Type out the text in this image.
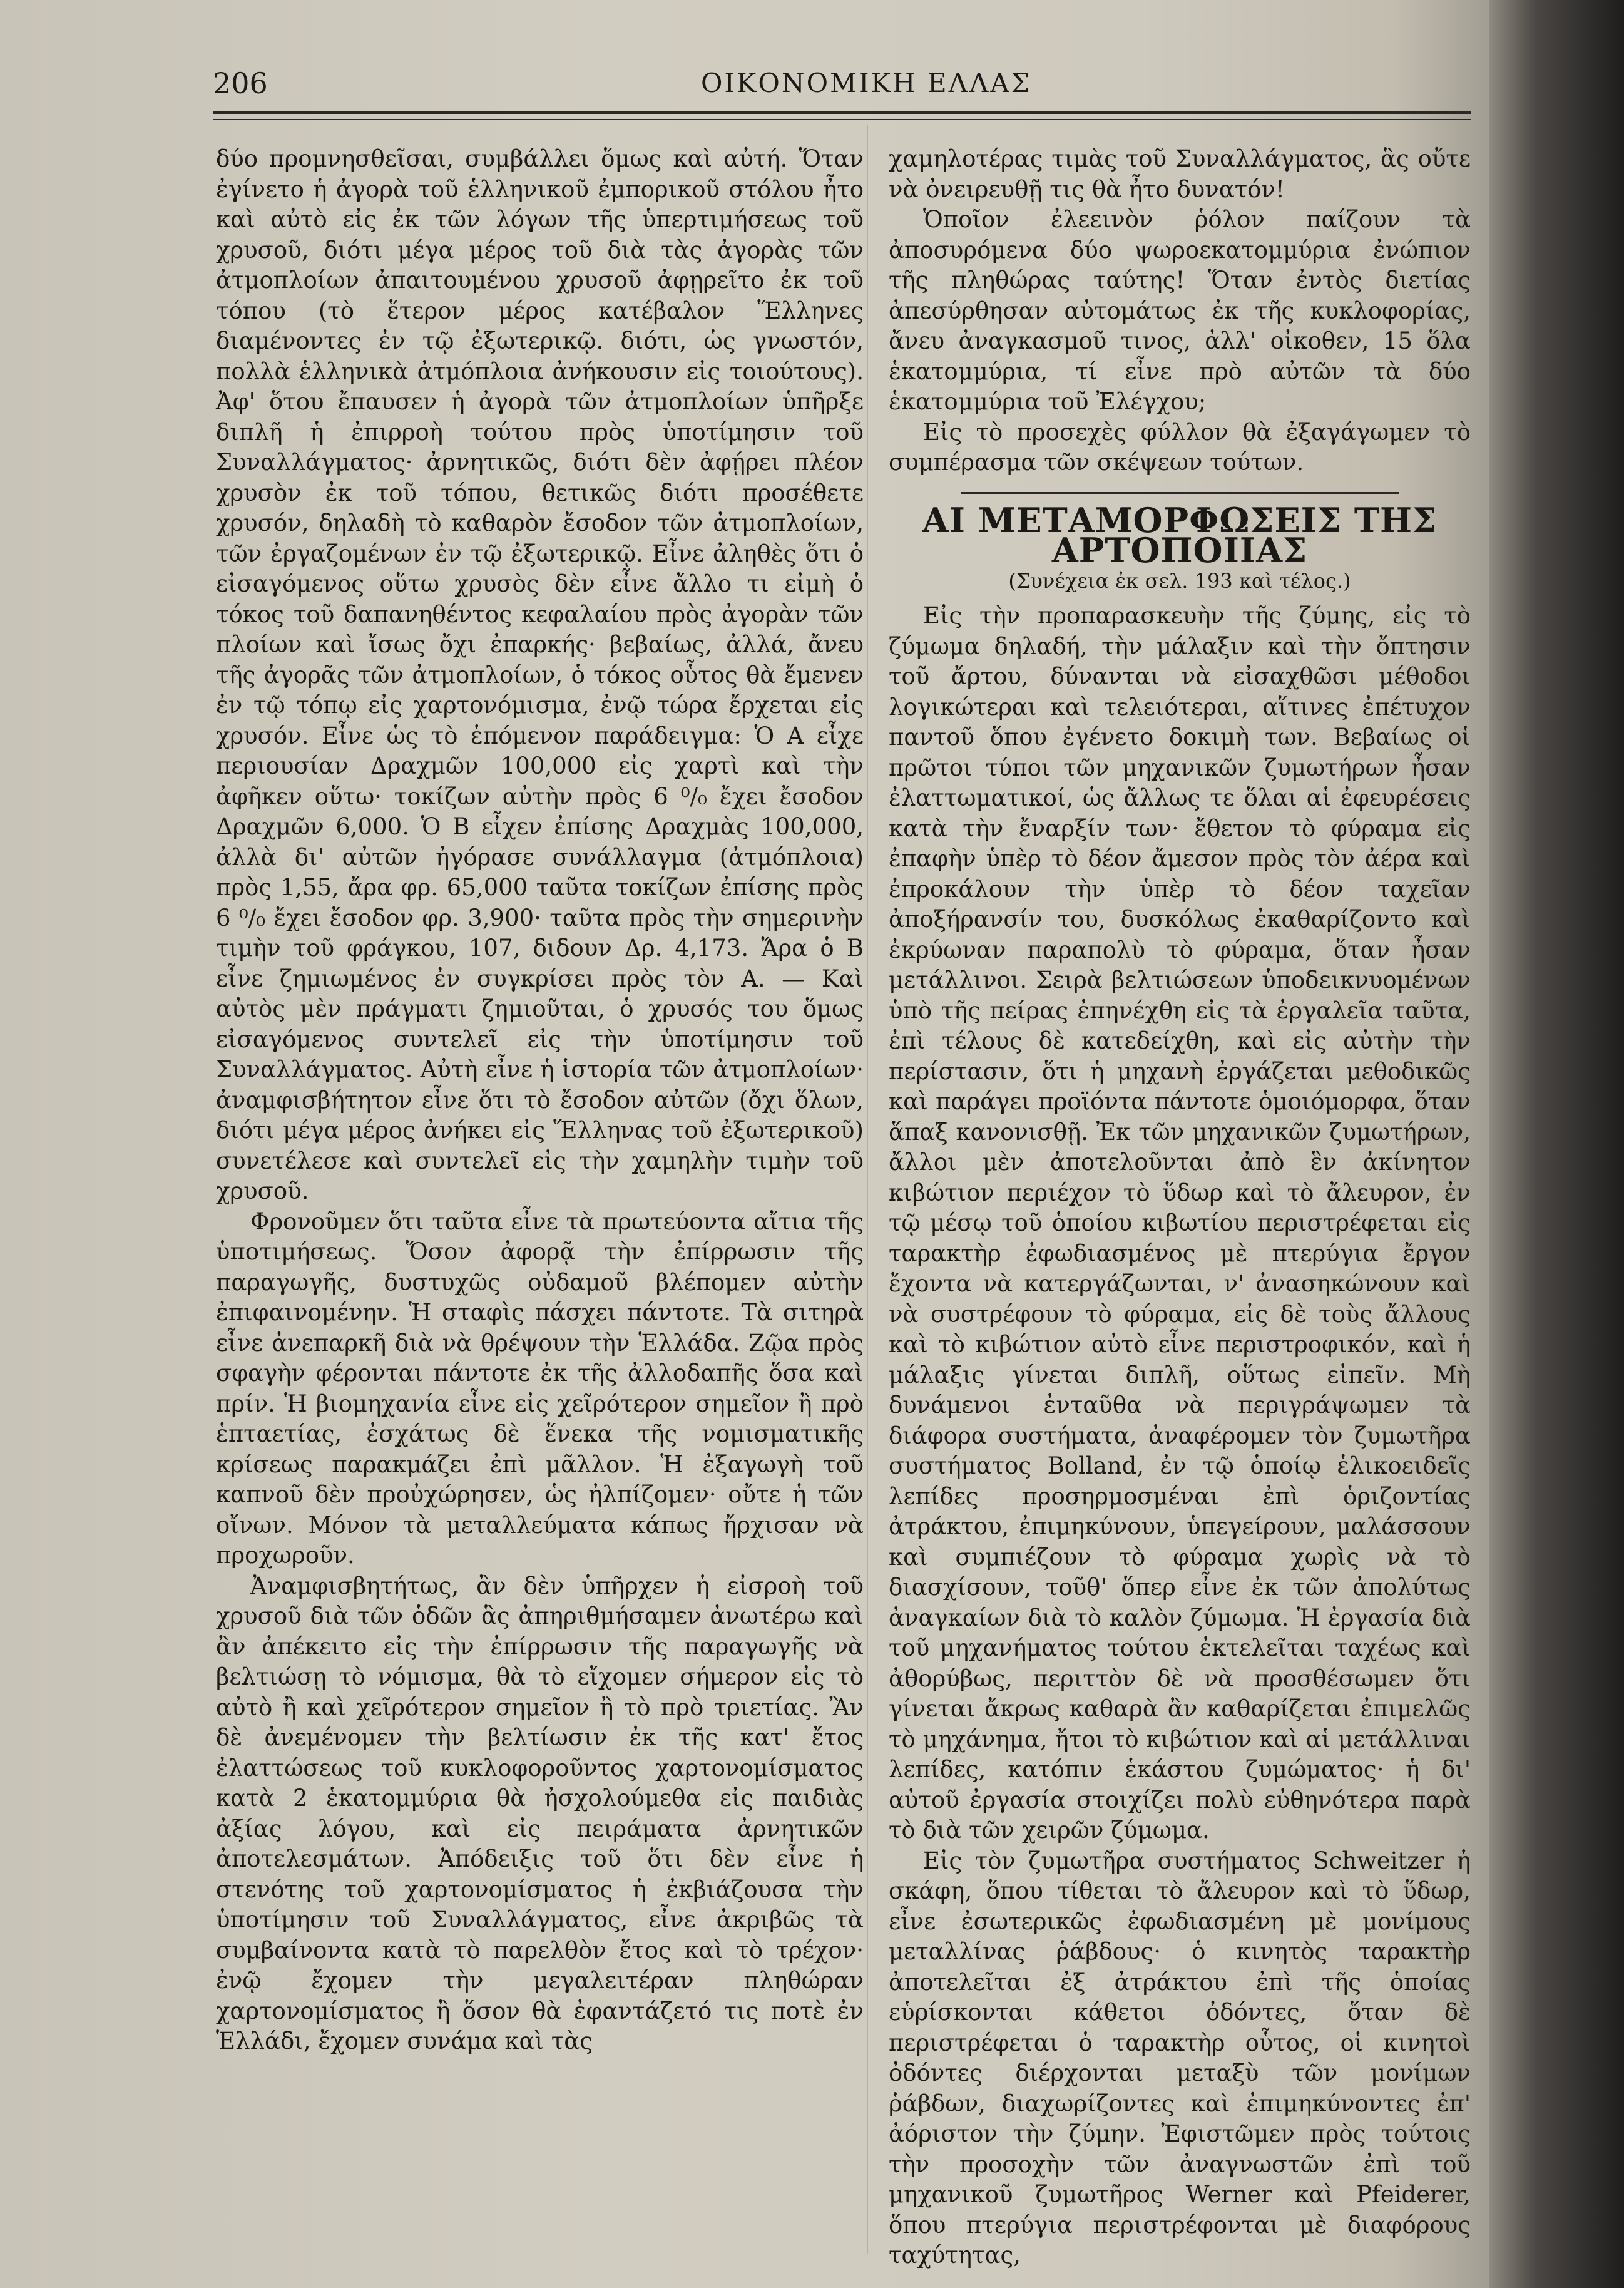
206	ΟΙΚΟΝΟΜΙΚΗ ΕΛΛΑΣ

δύο προμνησθεῖσαι, συμβάλλει ὅμως καὶ αὐτή. Ὅταν ἐγίνετο ἡ ἀγορὰ τοῦ ἑλληνικοῦ ἐμπορικοῦ στόλου ἦτο καὶ αὐτὸ εἰς ἐκ τῶν λόγων τῆς ὑπερτιμήσεως τοῦ χρυσοῦ, διότι μέγα μέρος τοῦ διὰ τὰς ἀγορὰς τῶν ἀτμοπλοίων ἀπαιτουμένου χρυσοῦ ἀφῃρεῖτο ἐκ τοῦ τόπου (τὸ ἕτερον μέρος κατέβαλον Ἕλληνες διαμένοντες ἐν τῷ ἐξωτερικῷ. διότι, ὡς γνωστόν, πολλὰ ἑλληνικὰ ἀτμόπλοια ἀνήκουσιν εἰς τοιούτους). Ἀφ' ὅτου ἔπαυσεν ἡ ἀγορὰ τῶν ἀτμοπλοίων ὑπῆρξε διπλῆ ἡ ἐπιρροὴ τούτου πρὸς ὑποτίμησιν τοῦ Συναλλάγματος· ἀρνητικῶς, διότι δὲν ἀφῄρει πλέον χρυσὸν ἐκ τοῦ τόπου, θετικῶς διότι προσέθετε χρυσόν, δηλαδὴ τὸ καθαρὸν ἔσοδον τῶν ἀτμοπλοίων, τῶν ἐργαζομένων ἐν τῷ ἐξωτερικῷ. Εἶνε ἀληθὲς ὅτι ὁ εἰσαγόμενος οὕτω χρυσὸς δὲν εἶνε ἄλλο τι εἰμὴ ὁ τόκος τοῦ δαπανηθέντος κεφαλαίου πρὸς ἀγορὰν τῶν πλοίων καὶ ἴσως ὄχι ἐπαρκής· βεβαίως, ἀλλά, ἄνευ τῆς ἀγορᾶς τῶν ἀτμοπλοίων, ὁ τόκος οὗτος θὰ ἔμενεν ἐν τῷ τόπῳ εἰς χαρτονόμισμα, ἐνῷ τώρα ἔρχεται εἰς χρυσόν. Εἶνε ὡς τὸ ἑπόμενον παράδειγμα: Ὁ Α εἶχε περιουσίαν Δραχμῶν 100,000 εἰς χαρτὶ καὶ τὴν ἀφῆκεν οὕτω· τοκίζων αὐτὴν πρὸς 6 ⁰/₀ ἔχει ἔσοδον Δραχμῶν 6,000. Ὁ Β εἶχεν ἐπίσης Δραχμὰς 100,000, ἀλλὰ δι' αὐτῶν ἠγόρασε συνάλλαγμα (ἀτμόπλοια) πρὸς 1,55, ἄρα φρ. 65,000 ταῦτα τοκίζων ἐπίσης πρὸς 6 ⁰/₀ ἔχει ἔσοδον φρ. 3,900· ταῦτα πρὸς τὴν σημερινὴν τιμὴν τοῦ φράγκου, 107, διδουν Δρ. 4,173. Ἄρα ὁ Β εἶνε ζημιωμένος ἐν συγκρίσει πρὸς τὸν Α. — Καὶ αὐτὸς μὲν πράγματι ζημιοῦται, ὁ χρυσός του ὅμως εἰσαγόμενος συντελεῖ εἰς τὴν ὑποτίμησιν τοῦ Συναλλάγματος. Αὐτὴ εἶνε ἡ ἱστορία τῶν ἀτμοπλοίων· ἀναμφισβήτητον εἶνε ὅτι τὸ ἔσοδον αὐτῶν (ὄχι ὅλων, διότι μέγα μέρος ἀνήκει εἰς Ἕλληνας τοῦ ἐξωτερικοῦ) συνετέλεσε καὶ συντελεῖ εἰς τὴν χαμηλὴν τιμὴν τοῦ χρυσοῦ.

Φρονοῦμεν ὅτι ταῦτα εἶνε τὰ πρωτεύοντα αἴτια τῆς ὑποτιμήσεως. Ὅσον ἀφορᾷ τὴν ἐπίρρωσιν τῆς παραγωγῆς, δυστυχῶς οὐδαμοῦ βλέπομεν αὐτὴν ἐπιφαινομένην. Ἡ σταφὶς πάσχει πάντοτε. Τὰ σιτηρὰ εἶνε ἀνεπαρκῆ διὰ νὰ θρέψουν τὴν Ἑλλάδα. Ζῷα πρὸς σφαγὴν φέρονται πάντοτε ἐκ τῆς ἀλλοδαπῆς ὅσα καὶ πρίν. Ἡ βιομηχανία εἶνε εἰς χεῖρότερον σημεῖον ἢ πρὸ ἑπταετίας, ἐσχάτως δὲ ἕνεκα τῆς νομισματικῆς κρίσεως παρακμάζει ἐπὶ μᾶλλον. Ἡ ἐξαγωγὴ τοῦ καπνοῦ δὲν προὐχώρησεν, ὡς ἠλπίζομεν· οὔτε ἡ τῶν οἴνων. Μόνον τὰ μεταλλεύματα κάπως ἤρχισαν νὰ προχωροῦν.

Ἀναμφισβητήτως, ἂν δὲν ὑπῆρχεν ἡ εἰσροὴ τοῦ χρυσοῦ διὰ τῶν ὁδῶν ἃς ἀπηριθμήσαμεν ἀνωτέρω καὶ ἂν ἀπέκειτο εἰς τὴν ἐπίρρωσιν τῆς παραγωγῆς νὰ βελτιώσῃ τὸ νόμισμα, θὰ τὸ εἴχομεν σήμερον εἰς τὸ αὐτὸ ἢ καὶ χεῖρότερον σημεῖον ἢ τὸ πρὸ τριετίας. Ἂν δὲ ἀνεμένομεν τὴν βελτίωσιν ἐκ τῆς κατ' ἔτος ἐλαττώσεως τοῦ κυκλοφοροῦντος χαρτονομίσματος κατὰ 2 ἑκατομμύρια θὰ ἠσχολούμεθα εἰς παιδιὰς ἀξίας λόγου, καὶ εἰς πειράματα ἀρνητικῶν ἀποτελεσμάτων. Ἀπόδειξις τοῦ ὅτι δὲν εἶνε ἡ στενότης τοῦ χαρτονομίσματος ἡ ἐκβιάζουσα τὴν ὑποτίμησιν τοῦ Συναλλάγματος, εἶνε ἀκριβῶς τὰ συμβαίνοντα κατὰ τὸ παρελθὸν ἔτος καὶ τὸ τρέχον· ἐνῷ ἔχομεν τὴν μεγαλειτέραν πληθώραν χαρτονομίσματος ἢ ὅσον θὰ ἐφαντάζετό τις ποτὲ ἐν Ἑλλάδι, ἔχομεν συνάμα καὶ τὰς

χαμηλοτέρας τιμὰς τοῦ Συναλλάγματος, ἃς οὔτε νὰ ὀνειρευθῇ τις θὰ ἦτο δυνατόν!

Ὁποῖον ἐλεεινὸν ῥόλον παίζουν τὰ ἀποσυρόμενα δύο ψωροεκατομμύρια ἐνώπιον τῆς πληθώρας ταύτης! Ὅταν ἐντὸς διετίας ἀπεσύρθησαν αὐτομάτως ἐκ τῆς κυκλοφορίας, ἄνευ ἀναγκασμοῦ τινος, ἀλλ' οἰκοθεν, 15 ὅλα ἑκατομμύρια, τί εἶνε πρὸ αὐτῶν τὰ δύο ἑκατομμύρια τοῦ Ἐλέγχου;

Εἰς τὸ προσεχὲς φύλλον θὰ ἐξαγάγωμεν τὸ συμπέρασμα τῶν σκέψεων τούτων.

ΑΙ ΜΕΤΑΜΟΡΦΩΣΕΙΣ ΤΗΣ ΑΡΤΟΠΟΙΙΑΣ

(Συνέχεια ἐκ σελ. 193 καὶ τέλος.)

Εἰς τὴν προπαρασκευὴν τῆς ζύμης, εἰς τὸ ζύμωμα δηλαδή, τὴν μάλαξιν καὶ τὴν ὄπτησιν τοῦ ἄρτου, δύνανται νὰ εἰσαχθῶσι μέθοδοι λογικώτεραι καὶ τελειότεραι, αἵτινες ἐπέτυχον παντοῦ ὅπου ἐγένετο δοκιμὴ των. Βεβαίως οἱ πρῶτοι τύποι τῶν μηχανικῶν ζυμωτήρων ἦσαν ἐλαττωματικοί, ὡς ἄλλως τε ὅλαι αἱ ἐφευρέσεις κατὰ τὴν ἔναρξίν των· ἔθετον τὸ φύραμα εἰς ἐπαφὴν ὑπὲρ τὸ δέον ἄμεσον πρὸς τὸν ἀέρα καὶ ἐπροκάλουν τὴν ὑπὲρ τὸ δέον ταχεῖαν ἀποξήρανσίν του, δυσκόλως ἐκαθαρίζοντο καὶ ἐκρύωναν παραπολὺ τὸ φύραμα, ὅταν ἦσαν μετάλλινοι. Σειρὰ βελτιώσεων ὑποδεικνυομένων ὑπὸ τῆς πείρας ἐπηνέχθη εἰς τὰ ἐργαλεῖα ταῦτα, ἐπὶ τέλους δὲ κατεδείχθη, καὶ εἰς αὐτὴν τὴν περίστασιν, ὅτι ἡ μηχανὴ ἐργάζεται μεθοδικῶς καὶ παράγει προϊόντα πάντοτε ὁμοιόμορφα, ὅταν ἅπαξ κανονισθῇ. Ἐκ τῶν μηχανικῶν ζυμωτήρων, ἄλλοι μὲν ἀποτελοῦνται ἀπὸ ἓν ἀκίνητον κιβώτιον περιέχον τὸ ὕδωρ καὶ τὸ ἄλευρον, ἐν τῷ μέσῳ τοῦ ὁποίου κιβωτίου περιστρέφεται εἰς ταρακτὴρ ἐφωδιασμένος μὲ πτερύγια ἔργον ἔχοντα νὰ κατεργάζωνται, ν' ἀνασηκώνουν καὶ νὰ συστρέφουν τὸ φύραμα, εἰς δὲ τοὺς ἄλλους καὶ τὸ κιβώτιον αὐτὸ εἶνε περιστροφικόν, καὶ ἡ μάλαξις γίνεται διπλῆ, οὕτως εἰπεῖν. Μὴ δυνάμενοι ἐνταῦθα νὰ περιγράψωμεν τὰ διάφορα συστήματα, ἀναφέρομεν τὸν ζυμωτῆρα συστήματος Bolland, ἐν τῷ ὁποίῳ ἑλικοειδεῖς λεπίδες προσηρμοσμέναι ἐπὶ ὁριζοντίας ἀτράκτου, ἐπιμηκύνουν, ὑπεγείρουν, μαλάσσουν καὶ συμπιέζουν τὸ φύραμα χωρὶς νὰ τὸ διασχίσουν, τοῦθ' ὅπερ εἶνε ἐκ τῶν ἀπολύτως ἀναγκαίων διὰ τὸ καλὸν ζύμωμα. Ἡ ἐργασία διὰ τοῦ μηχανήματος τούτου ἐκτελεῖται ταχέως καὶ ἀθορύβως, περιττὸν δὲ νὰ προσθέσωμεν ὅτι γίνεται ἄκρως καθαρὰ ἂν καθαρίζεται ἐπιμελῶς τὸ μηχάνημα, ἤτοι τὸ κιβώτιον καὶ αἱ μετάλλιναι λεπίδες, κατόπιν ἑκάστου ζυμώματος· ἡ δι' αὐτοῦ ἐργασία στοιχίζει πολὺ εὐθηνότερα παρὰ τὸ διὰ τῶν χειρῶν ζύμωμα.

Εἰς τὸν ζυμωτῆρα συστήματος Schweitzer ἡ σκάφη, ὅπου τίθεται τὸ ἄλευρον καὶ τὸ ὕδωρ, εἶνε ἐσωτερικῶς ἐφωδιασμένη μὲ μονίμους μεταλλίνας ῥάβδους· ὁ κινητὸς ταρακτὴρ ἀποτελεῖται ἐξ ἀτράκτου ἐπὶ τῆς ὁποίας εὑρίσκονται κάθετοι ὀδόντες, ὅταν δὲ περιστρέφεται ὁ ταρακτὴρ οὗτος, οἱ κινητοὶ ὀδόντες διέρχονται μεταξὺ τῶν μονίμων ῥάβδων, διαχωρίζοντες καὶ ἐπιμηκύνοντες ἐπ' ἀόριστον τὴν ζύμην. Ἐφιστῶμεν πρὸς τούτοις τὴν προσοχὴν τῶν ἀναγνωστῶν ἐπὶ τοῦ μηχανικοῦ ζυμωτῆρος Werner καὶ Pfeiderer, ὅπου πτερύγια περιστρέφονται μὲ διαφόρους ταχύτητας,
